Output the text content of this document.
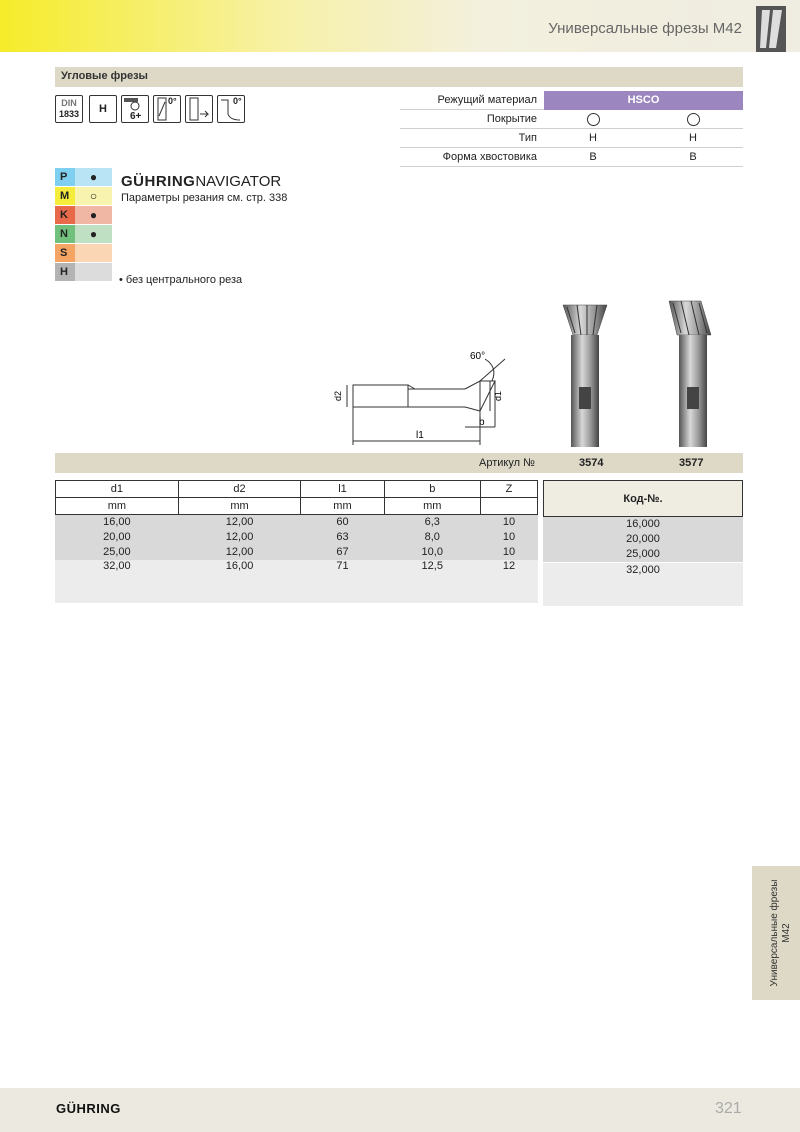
Универсальные фрезы M42
Угловые фрезы
DIN
1833 H
6+
0°	0°	Режущий материал	HSCO
Покрытие
Тип	H	H
Форма хвостовика	B	B
P	●
M	○
K	●
N	●
S
H
GÜHRINGNAVIGATOR
Параметры резания см. стр. 338
• без центрального реза
60°
d2	d1
b
l1
Артикул №	3574	3577
d1	d2	l1	b	Z
mm	mm	mm	mm	
16,00	12,00	60	6,3	10
20,00	12,00	63	8,0	10
25,00	12,00	67	10,0	10
32,00	16,00	71	12,5	12

Код-№.
16,000
20,000
25,000
32,000
Универсальные фрезы M42
GÜHRING	321
